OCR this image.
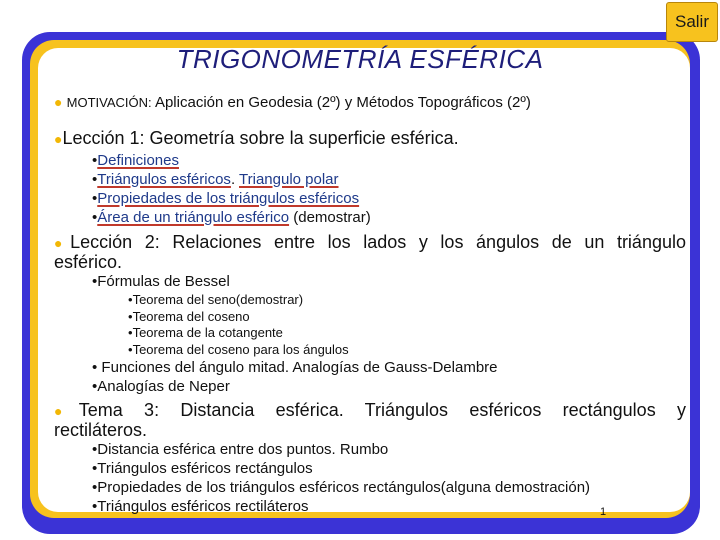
Salir
TRIGONOMETRÍA ESFÉRICA
● MOTIVACIÓN: Aplicación en Geodesia (2º) y Métodos Topográficos (2º)
●Lección 1: Geometría sobre la superficie esférica.
•Definiciones
•Triángulos esféricos. Triangulo polar
•Propiedades de los triángulos esféricos
•Área de un triángulo esférico (demostrar)
●Lección 2: Relaciones entre los lados y los ángulos de un triángulo
esférico.
•Fórmulas de Bessel
•Teorema del seno(demostrar)
•Teorema del coseno
•Teorema de la cotangente
•Teorema del coseno para los ángulos
• Funciones del ángulo mitad. Analogías de Gauss-Delambre
•Analogías de Neper
●Tema 3: Distancia esférica. Triángulos esféricos rectángulos y
rectiláteros.
•Distancia esférica entre dos puntos. Rumbo
•Triángulos esféricos rectángulos
•Propiedades de los triángulos esféricos rectángulos(alguna demostración)
•Triángulos esféricos rectiláteros	1
